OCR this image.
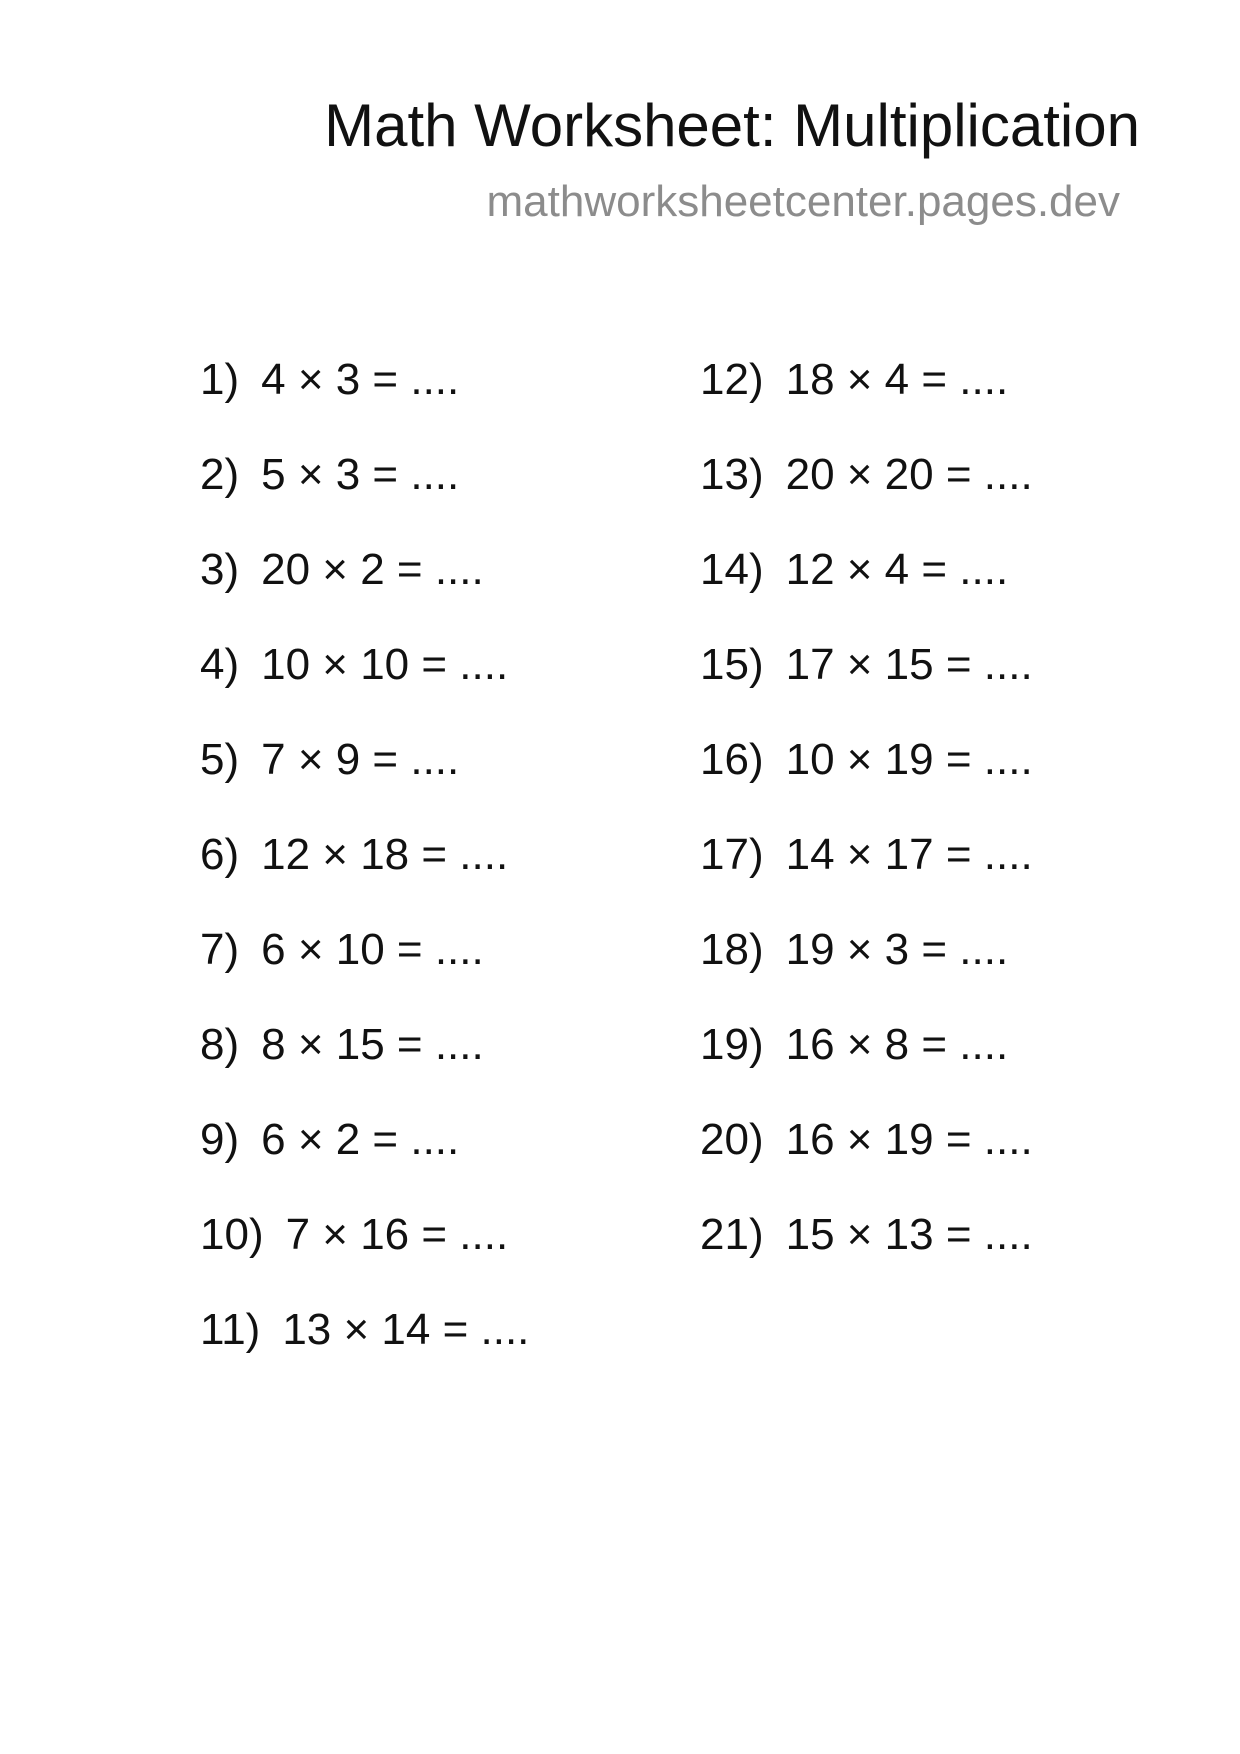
Math Worksheet: Multiplication
mathworksheetcenter.pages.dev
1) 4 × 3 = ....
2) 5 × 3 = ....
3) 20 × 2 = ....
4) 10 × 10 = ....
5) 7 × 9 = ....
6) 12 × 18 = ....
7) 6 × 10 = ....
8) 8 × 15 = ....
9) 6 × 2 = ....
10) 7 × 16 = ....
11) 13 × 14 = ....
12) 18 × 4 = ....
13) 20 × 20 = ....
14) 12 × 4 = ....
15) 17 × 15 = ....
16) 10 × 19 = ....
17) 14 × 17 = ....
18) 19 × 3 = ....
19) 16 × 8 = ....
20) 16 × 19 = ....
21) 15 × 13 = ....
